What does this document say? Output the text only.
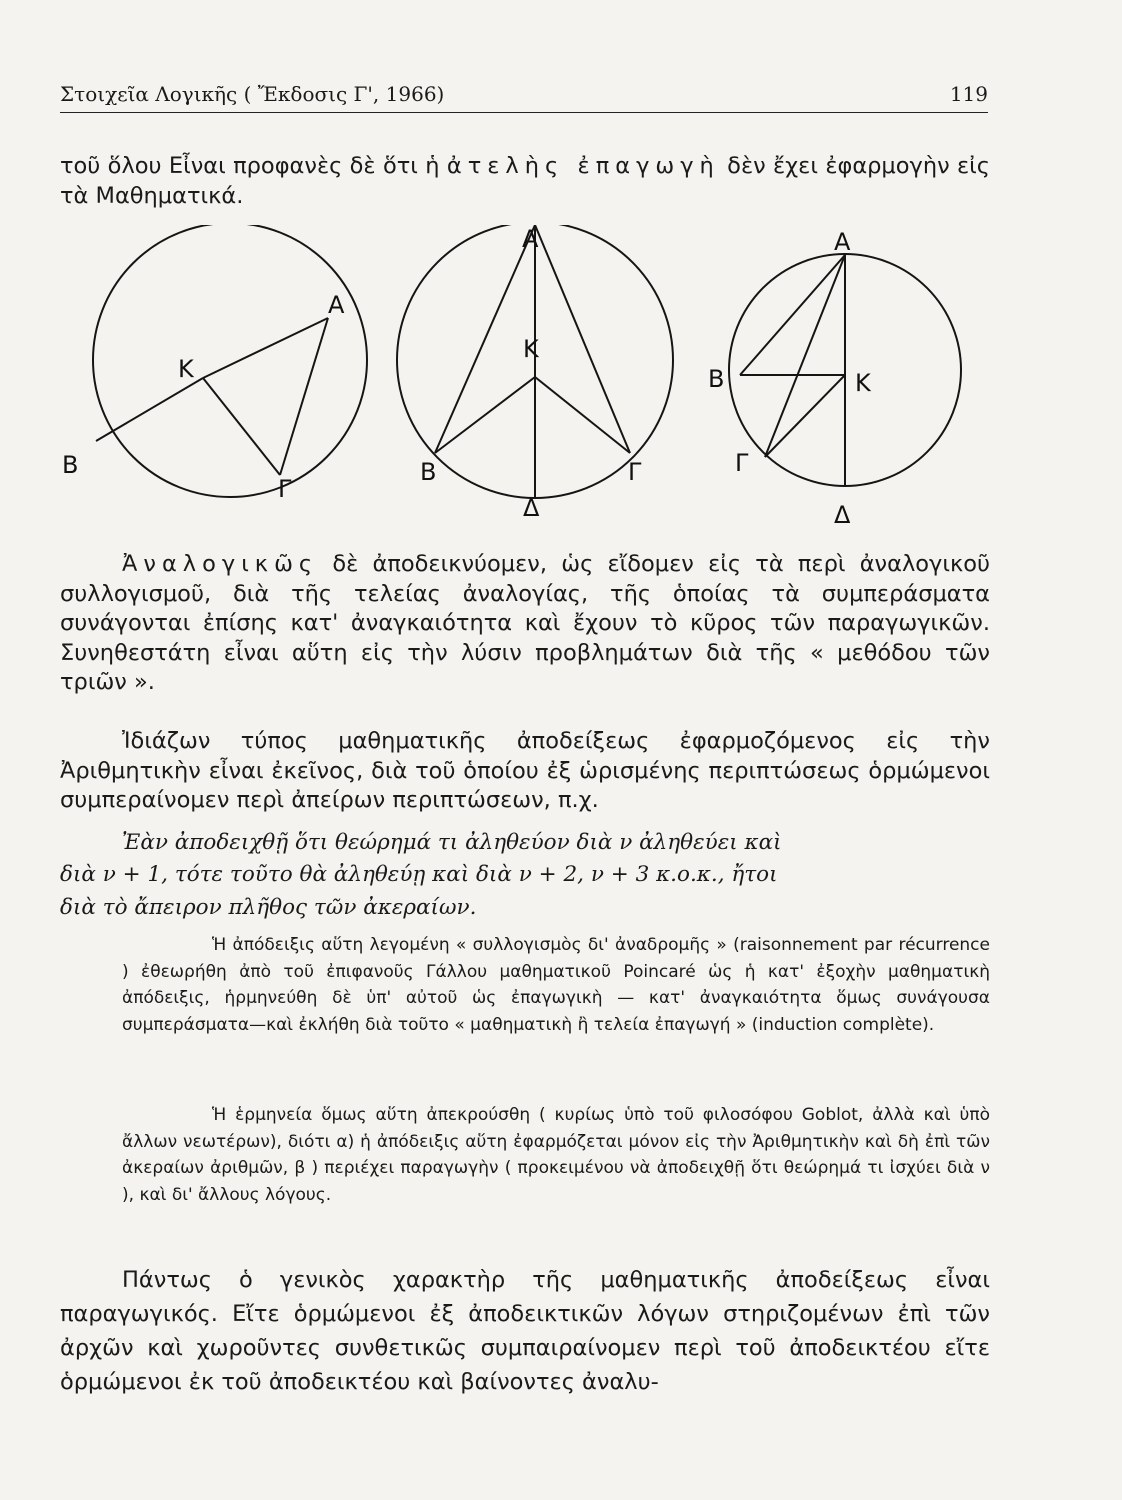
Στοιχεῖα Λογικῆς ( Ἔκδοσις Γ', 1966)	119

τοῦ ὅλου Εἶναι προφανὲς δὲ ὅτι ἡ ἀτελὴς ἐπαγωγὴ δὲν ἔχει ἐφαρμογὴν εἰς τὰ Μαθηματικά.

Α
Κ
Β
Γ
Α
Κ
Β	Γ
Δ
Α
Κ
Β
Γ
Δ

Ἀναλογικῶς δὲ ἀποδεικνύομεν, ὡς εἴδομεν εἰς τὰ περὶ ἀναλογικοῦ συλλογισμοῦ, διὰ τῆς τελείας ἀναλογίας, τῆς ὁποίας τὰ συμπεράσματα συνάγονται ἐπίσης κατ' ἀναγκαιότητα καὶ ἔχουν τὸ κῦρος τῶν παραγωγικῶν. Συνηθεστάτη εἶναι αὕτη εἰς τὴν λύσιν προβλημάτων διὰ τῆς « μεθόδου τῶν τριῶν ».

Ἰδιάζων τύπος μαθηματικῆς ἀποδείξεως ἐφαρμοζόμενος εἰς τὴν Ἀριθμητικὴν εἶναι ἐκεῖνος, διὰ τοῦ ὁποίου ἐξ ὡρισμένης περιπτώσεως ὁρμώμενοι συμπεραίνομεν περὶ ἀπείρων περιπτώσεων, π.χ.

Ἐὰν ἀποδειχθῇ ὅτι θεώρημά τι ἀληθεύον διὰ ν ἀληθεύει καὶ

διὰ ν + 1, τότε τοῦτο θὰ ἀληθεύῃ καὶ διὰ ν + 2, ν + 3 κ.ο.κ., ἤτοι

διὰ τὸ ἄπειρον πλῆθος τῶν ἀκεραίων.

Ἡ ἀπόδειξις αὕτη λεγομένη « συλλογισμὸς δι' ἀναδρομῆς » (raisonnement par récurrence ) ἐθεωρήθη ἀπὸ τοῦ ἐπιφανοῦς Γάλλου μαθηματικοῦ Poincaré ὡς ἡ κατ' ἐξοχὴν μαθηματικὴ ἀπόδειξις, ἡρμηνεύθη δὲ ὑπ' αὐτοῦ ὡς ἐπαγωγικὴ — κατ' ἀναγκαιότητα ὅμως συνάγουσα συμπεράσματα—καὶ ἐκλήθη διὰ τοῦτο « μαθηματικὴ ἢ τελεία ἐπαγωγή » (induction complète).

Ἡ ἑρμηνεία ὅμως αὕτη ἀπεκρούσθη ( κυρίως ὑπὸ τοῦ φιλοσόφου Goblot, ἀλλὰ καὶ ὑπὸ ἄλλων νεωτέρων), διότι α) ἡ ἀπόδειξις αὕτη ἐφαρμόζεται μόνον εἰς τὴν Ἀριθμητικὴν καὶ δὴ ἐπὶ τῶν ἀκεραίων ἀριθμῶν, β ) περιέχει παραγωγὴν ( προκειμένου νὰ ἀποδειχθῇ ὅτι θεώρημά τι ἰσχύει διὰ ν ), καὶ δι' ἄλλους λόγους.

Πάντως ὁ γενικὸς χαρακτὴρ τῆς μαθηματικῆς ἀποδείξεως εἶναι παραγωγικός. Εἴτε ὁρμώμενοι ἐξ ἀποδεικτικῶν λόγων στηριζομένων ἐπὶ τῶν ἀρχῶν καὶ χωροῦντες συνθετικῶς συμπαιραίνομεν περὶ τοῦ ἀποδεικτέου εἴτε ὁρμώμενοι ἐκ τοῦ ἀποδεικτέου καὶ βαίνοντες ἀναλυ-
